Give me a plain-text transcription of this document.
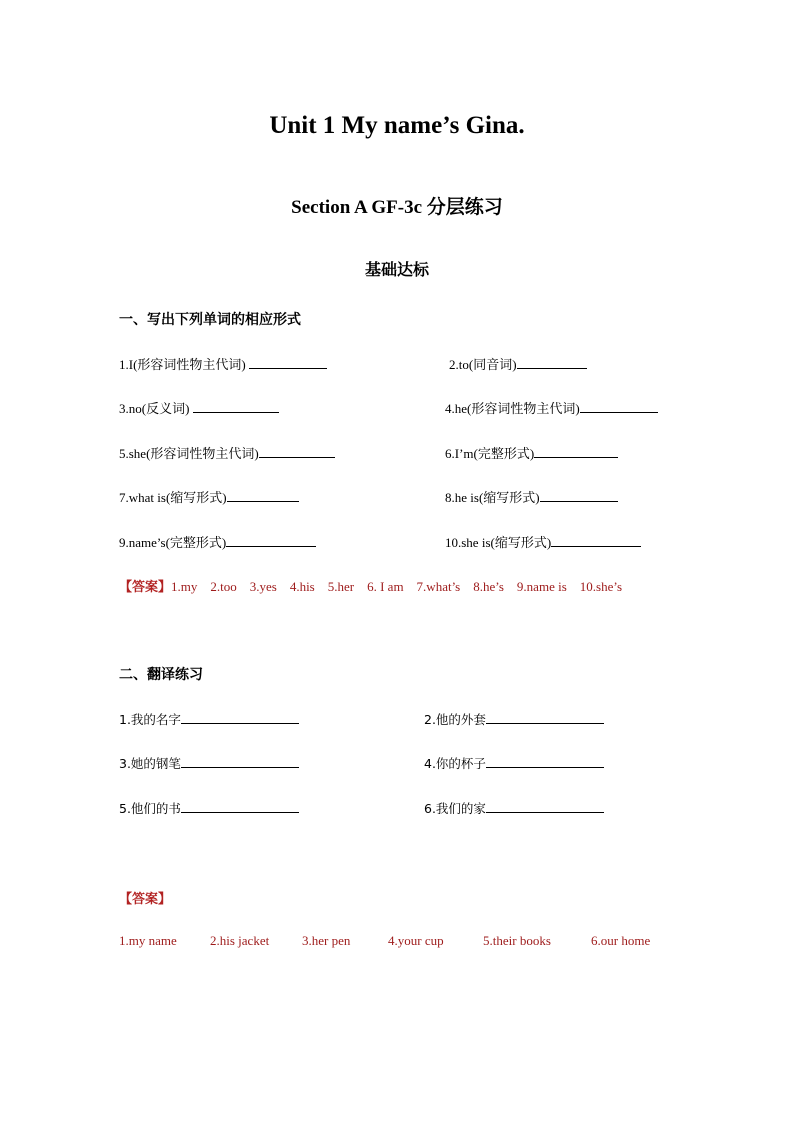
Unit 1 My name’s Gina.
Section A GF-3c 分层练习
基础达标
一、写出下列单词的相应形式
1.I(形容词性物主代词)	2.to(同音词)
3.no(反义词)	4.he(形容词性物主代词)
5.she(形容词性物主代词)	6.I’m(完整形式)
7.what is(缩写形式)	8.he is(缩写形式)
9.name’s(完整形式)	10.she is(缩写形式)
【答案】1.my    2.too    3.yes    4.his    5.her    6. I am    7.what’s    8.he’s    9.name is    10.she’s
二、翻译练习
1.我的名字	2.他的外套
3.她的钢笔	4.你的杯子
5.他们的书	6.我们的家
【答案】
1.my name	2.his jacket	3.her pen	4.your cup	5.their books	6.our home
